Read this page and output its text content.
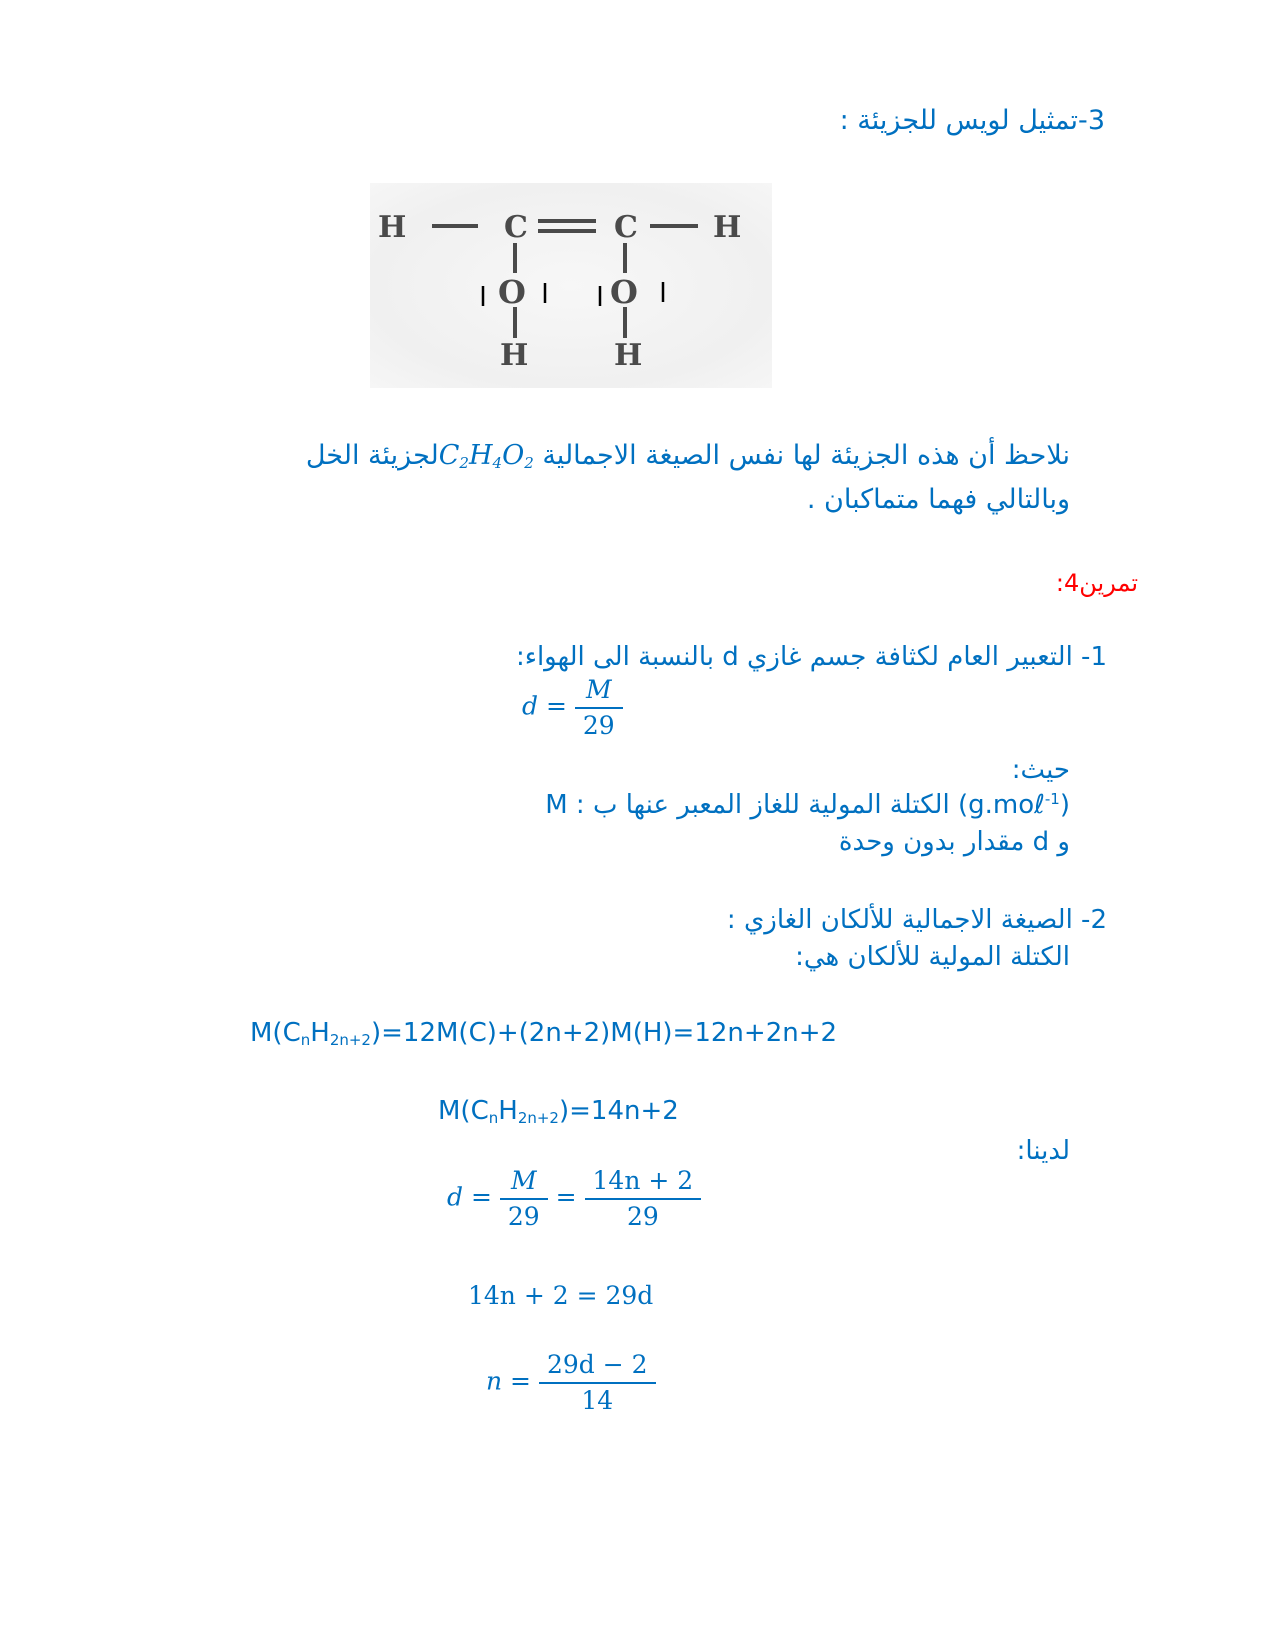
3-تمثيل لويس للجزيئة :
H	C	C	H
O	O
H	H
نلاحظ أن هذه الجزيئة لها نفس الصيغة الاجمالية $C_2H_4O_2لجزيئة$ الخل
وبالتالي فهما متماكبان .
تمرين4:
1- التعبير العام لكثافة جسم غازي d بالنسبة الى الهواء:
$d = \frac{M}{29}$
حيث:
M : الكتلة المولية للغاز المعبر عنها ب (g.moℓ$^{-1}$)
و d مقدار بدون وحدة
2- الصيغة الاجمالية للألكان الغازي :
الكتلة المولية للألكان هي:
$M(C_nH_{2n+2})=12M(C)+(2n+2)M(H)=12n+2n+2$
$M(C_nH_{2n+2})=14n+2$
لدينا:
$d = \frac{M}{29} = \frac{14n + 2}{29}$
14n + 2 = 29d
$n = \frac{29d - 2}{14}$
